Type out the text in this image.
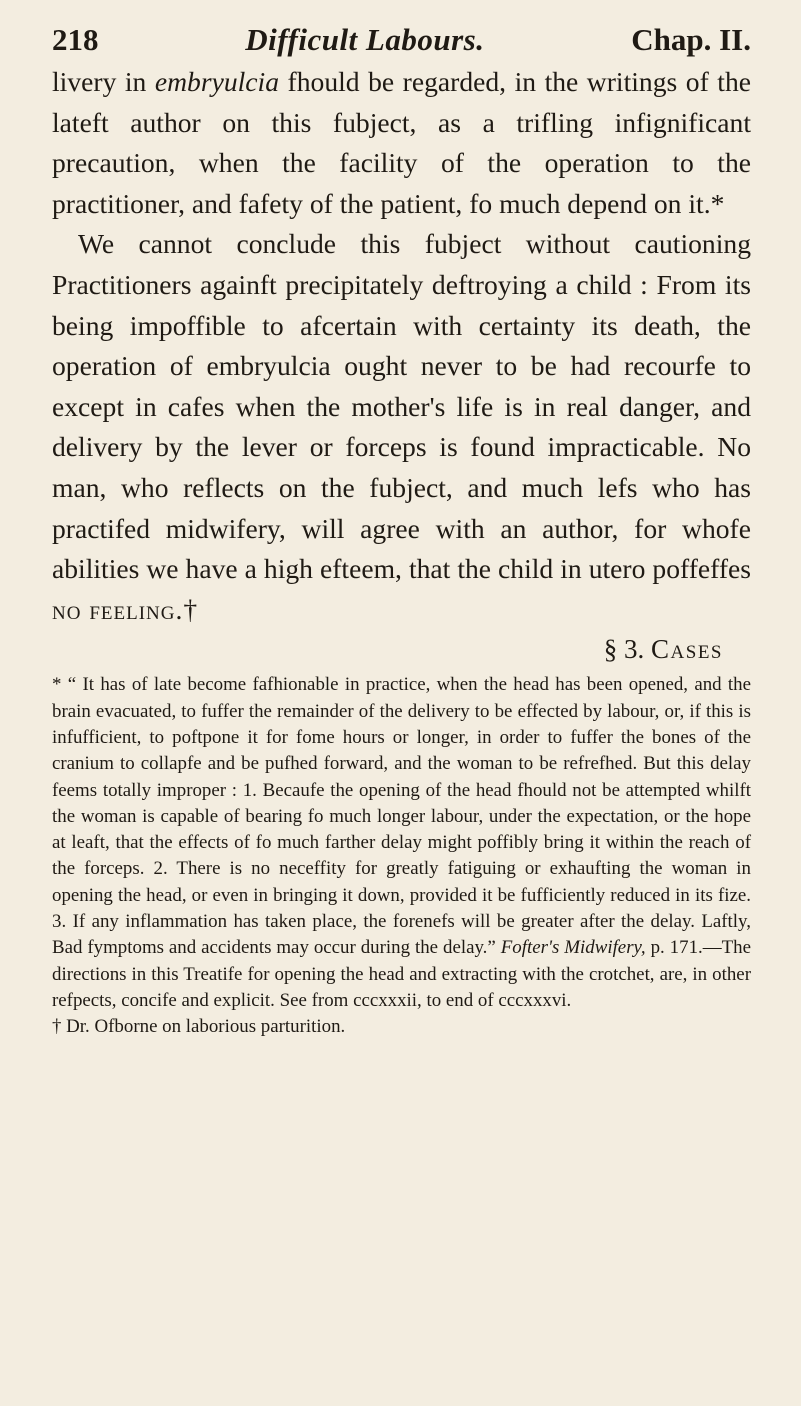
218	Difficult Labours.	Chap. II.

livery in embryulcia fhould be regarded, in the writings of the lateft author on this fubject, as a trifling infignificant precaution, when the facility of the operation to the practitioner, and fafety of the patient, fo much depend on it.*

We cannot conclude this fubject without cautioning Practitioners againft precipitately deftroying a child : From its being impoffible to afcertain with certainty its death, the operation of embryulcia ought never to be had recourfe to except in cafes when the mother's life is in real danger, and delivery by the lever or forceps is found impracticable. No man, who reflects on the fubject, and much lefs who has practifed midwifery, will agree with an author, for whofe abilities we have a high efteem, that the child in utero poffeffes no feeling.†

§ 3. Cases

* “ It has of late become fafhionable in practice, when the head has been opened, and the brain evacuated, to fuffer the remainder of the delivery to be effected by labour, or, if this is infufficient, to poftpone it for fome hours or longer, in order to fuffer the bones of the cranium to collapfe and be pufhed forward, and the woman to be refrefhed. But this delay feems totally improper : 1. Becaufe the opening of the head fhould not be attempted whilft the woman is capable of bearing fo much longer labour, under the expectation, or the hope at leaft, that the effects of fo much farther delay might poffibly bring it within the reach of the forceps. 2. There is no neceffity for greatly fatiguing or exhaufting the woman in opening the head, or even in bringing it down, provided it be fufficiently reduced in its fize. 3. If any inflammation has taken place, the forenefs will be greater after the delay. Laftly, Bad fymptoms and accidents may occur during the delay.” Fofter's Midwifery, p. 171.—The directions in this Treatife for opening the head and extracting with the crotchet, are, in other refpects, concife and explicit. See from cccxxxii, to end of cccxxxvi.

† Dr. Ofborne on laborious parturition.
